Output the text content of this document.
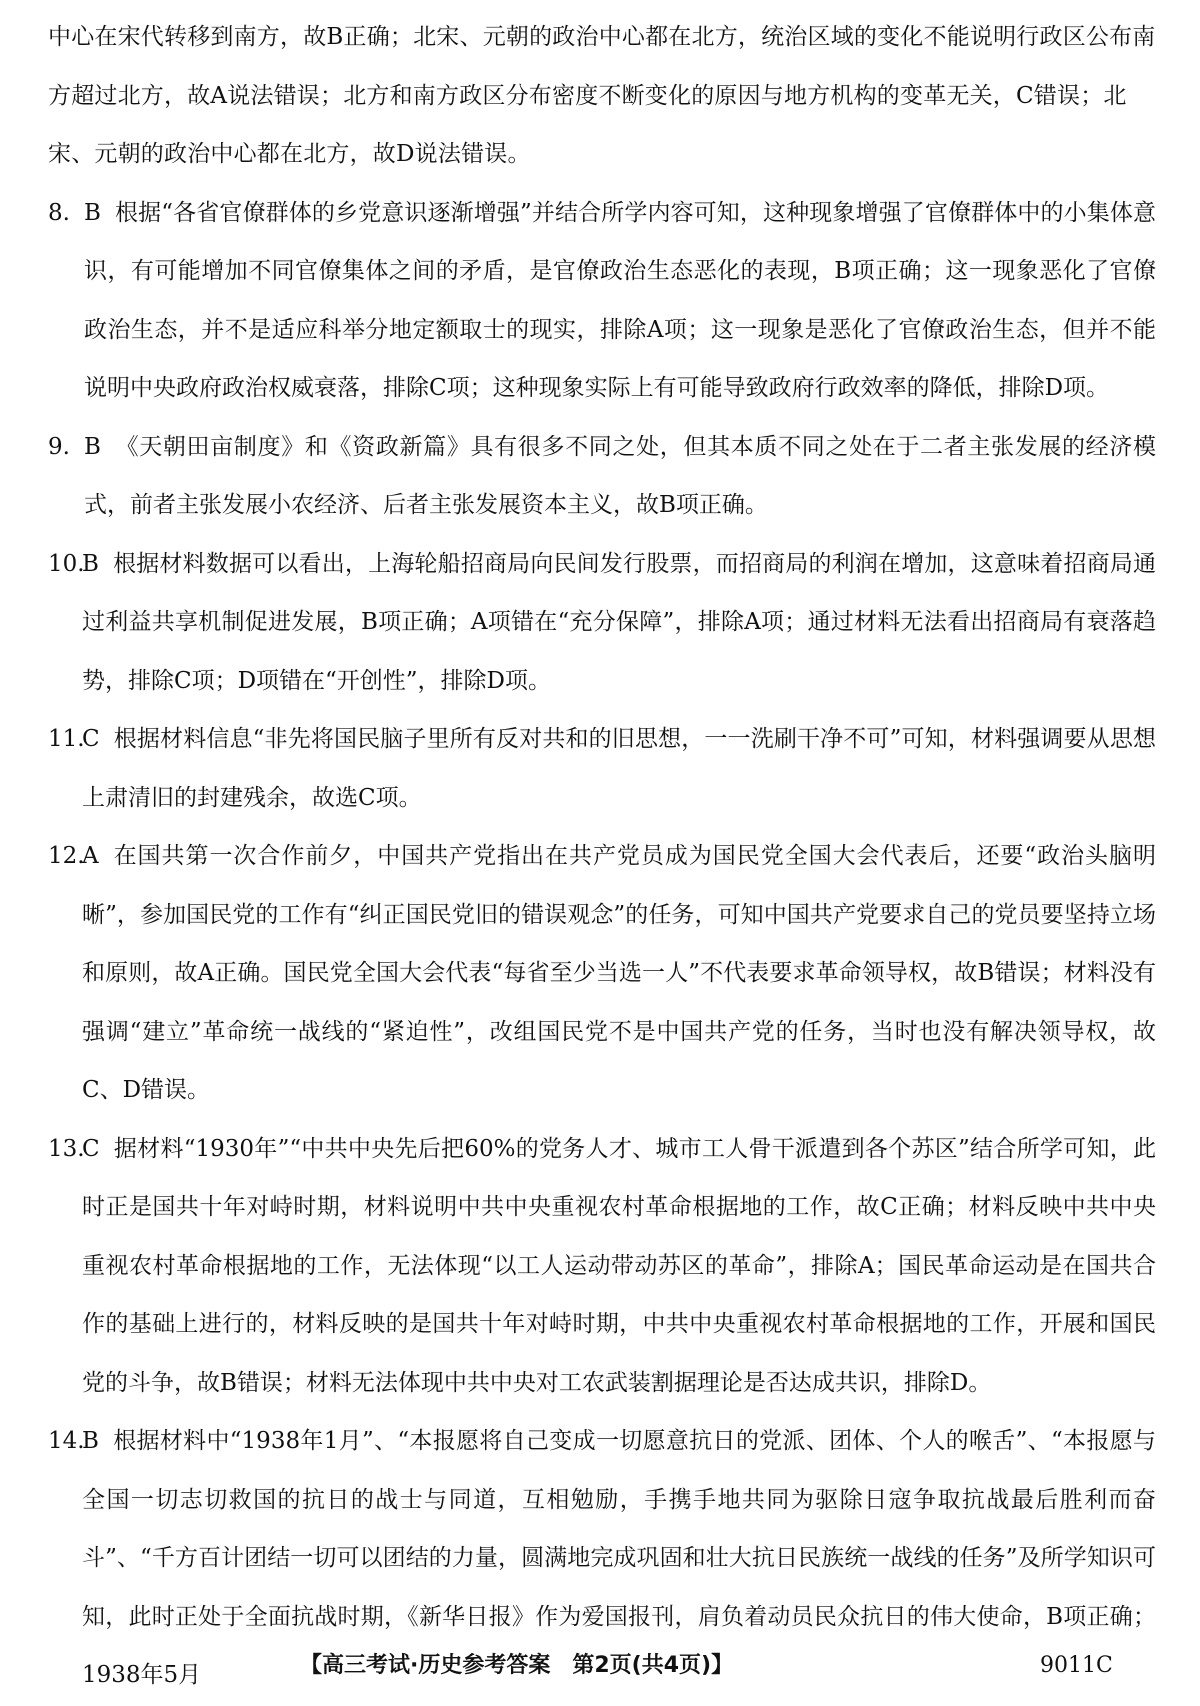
中心在宋代转移到南方，故B正确；北宋、元朝的政治中心都在北方，统治区域的变化不能说明行政区公布南
方超过北方，故A说法错误；北方和南方政区分布密度不断变化的原因与地方机构的变革无关，C错误；北
宋、元朝的政治中心都在北方，故D说法错误。
8. B 根据“各省官僚群体的乡党意识逐渐增强”并结合所学内容可知，这种现象增强了官僚群体中的小集体意识，有可能增加不同官僚集体之间的矛盾，是官僚政治生态恶化的表现，B项正确；这一现象恶化了官僚政治生态，并不是适应科举分地定额取士的现实，排除A项；这一现象是恶化了官僚政治生态，但并不能说明中央政府政治权威衰落，排除C项；这种现象实际上有可能导致政府行政效率的降低，排除D项。

9. B 《天朝田亩制度》和《资政新篇》具有很多不同之处，但其本质不同之处在于二者主张发展的经济模式，前者主张发展小农经济、后者主张发展资本主义，故B项正确。

10.

B 根据材料数据可以看出，上海轮船招商局向民间发行股票，而招商局的利润在增加，这意味着招商局通过利益共享机制促进发展，B项正确；A项错在“充分保障”，排除A项；通过材料无法看出招商局有衰落趋势，排除C项；D项错在“开创性”，排除D项。

11.

C 根据材料信息“非先将国民脑子里所有反对共和的旧思想，一一洗刷干净不可”可知，材料强调要从思想上肃清旧的封建残余，故选C项。

12.

A 在国共第一次合作前夕，中国共产党指出在共产党员成为国民党全国大会代表后，还要“政治头脑明晰”，参加国民党的工作有“纠正国民党旧的错误观念”的任务，可知中国共产党要求自己的党员要坚持立场和原则，故A正确。国民党全国大会代表“每省至少当选一人”不代表要求革命领导权，故B错误；材料没有强调“建立”革命统一战线的“紧迫性”，改组国民党不是中国共产党的任务，当时也没有解决领导权，故C、D错误。

13.

C 据材料“1930年”“中共中央先后把60%的党务人才、城市工人骨干派遣到各个苏区”结合所学可知，此时正是国共十年对峙时期，材料说明中共中央重视农村革命根据地的工作，故C正确；材料反映中共中央重视农村革命根据地的工作，无法体现“以工人运动带动苏区的革命”，排除A；国民革命运动是在国共合作的基础上进行的，材料反映的是国共十年对峙时期，中共中央重视农村革命根据地的工作，开展和国民党的斗争，故B错误；材料无法体现中共中央对工农武装割据理论是否达成共识，排除D。

14.

B 根据材料中“1938年1月”、“本报愿将自己变成一切愿意抗日的党派、团体、个人的喉舌”、“本报愿与全国一切志切救国的抗日的战士与同道，互相勉励，手携手地共同为驱除日寇争取抗战最后胜利而奋斗”、“千方百计团结一切可以团结的力量，圆满地完成巩固和壮大抗日民族统一战线的任务”及所学知识可知，此时正处于全面抗战时期，《新华日报》作为爱国报刊，肩负着动员民众抗日的伟大使命，B项正确；1938年5月	【高三考试·历史参考答案　第2页(共4页)】	9011C
